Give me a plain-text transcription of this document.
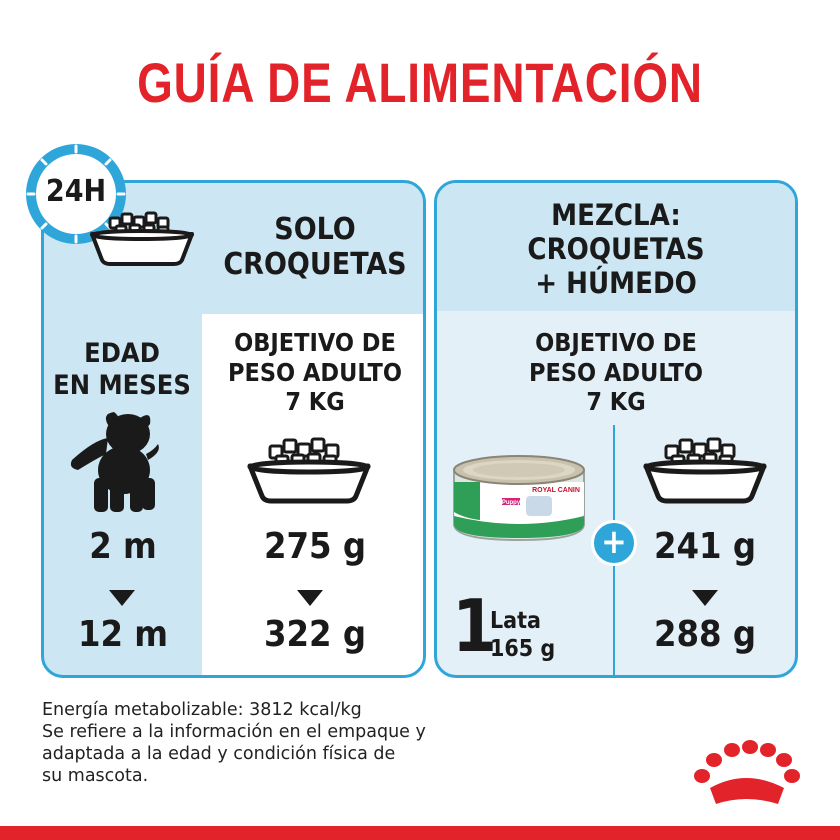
GUÍA DE ALIMENTACIÓN
24H
SOLO
CROQUETAS
EDAD
EN MESES
OBJETIVO DE
PESO ADULTO
7 KG
2 m
12 m
275 g
322 g
MEZCLA:
CROQUETAS
+ HÚMEDO
OBJETIVO DE
PESO ADULTO
7 KG
ROYAL CANIN
Puppy
+
1
Lata
165 g
241 g
288 g
Energía metabolizable: 3812 kcal/kg
Se refiere a la información en el empaque y
adaptada a la edad y condición física de
su mascota.
